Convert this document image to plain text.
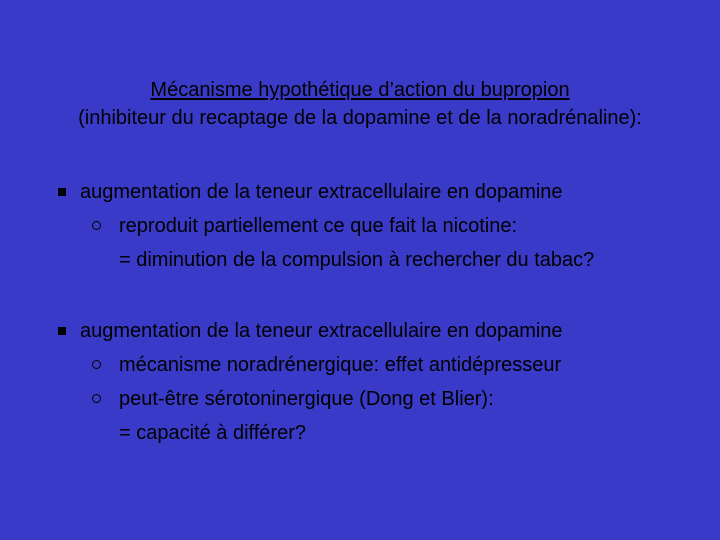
Mécanisme hypothétique d’action du bupropion
(inhibiteur du recaptage de la dopamine et de la noradrénaline):
augmentation de la teneur extracellulaire en dopamine
reproduit partiellement ce que fait la nicotine:
= diminution de la compulsion à rechercher du tabac?
augmentation de la teneur extracellulaire en dopamine
mécanisme noradrénergique: effet antidépresseur
peut-être sérotoninergique (Dong et Blier):
= capacité à différer?
